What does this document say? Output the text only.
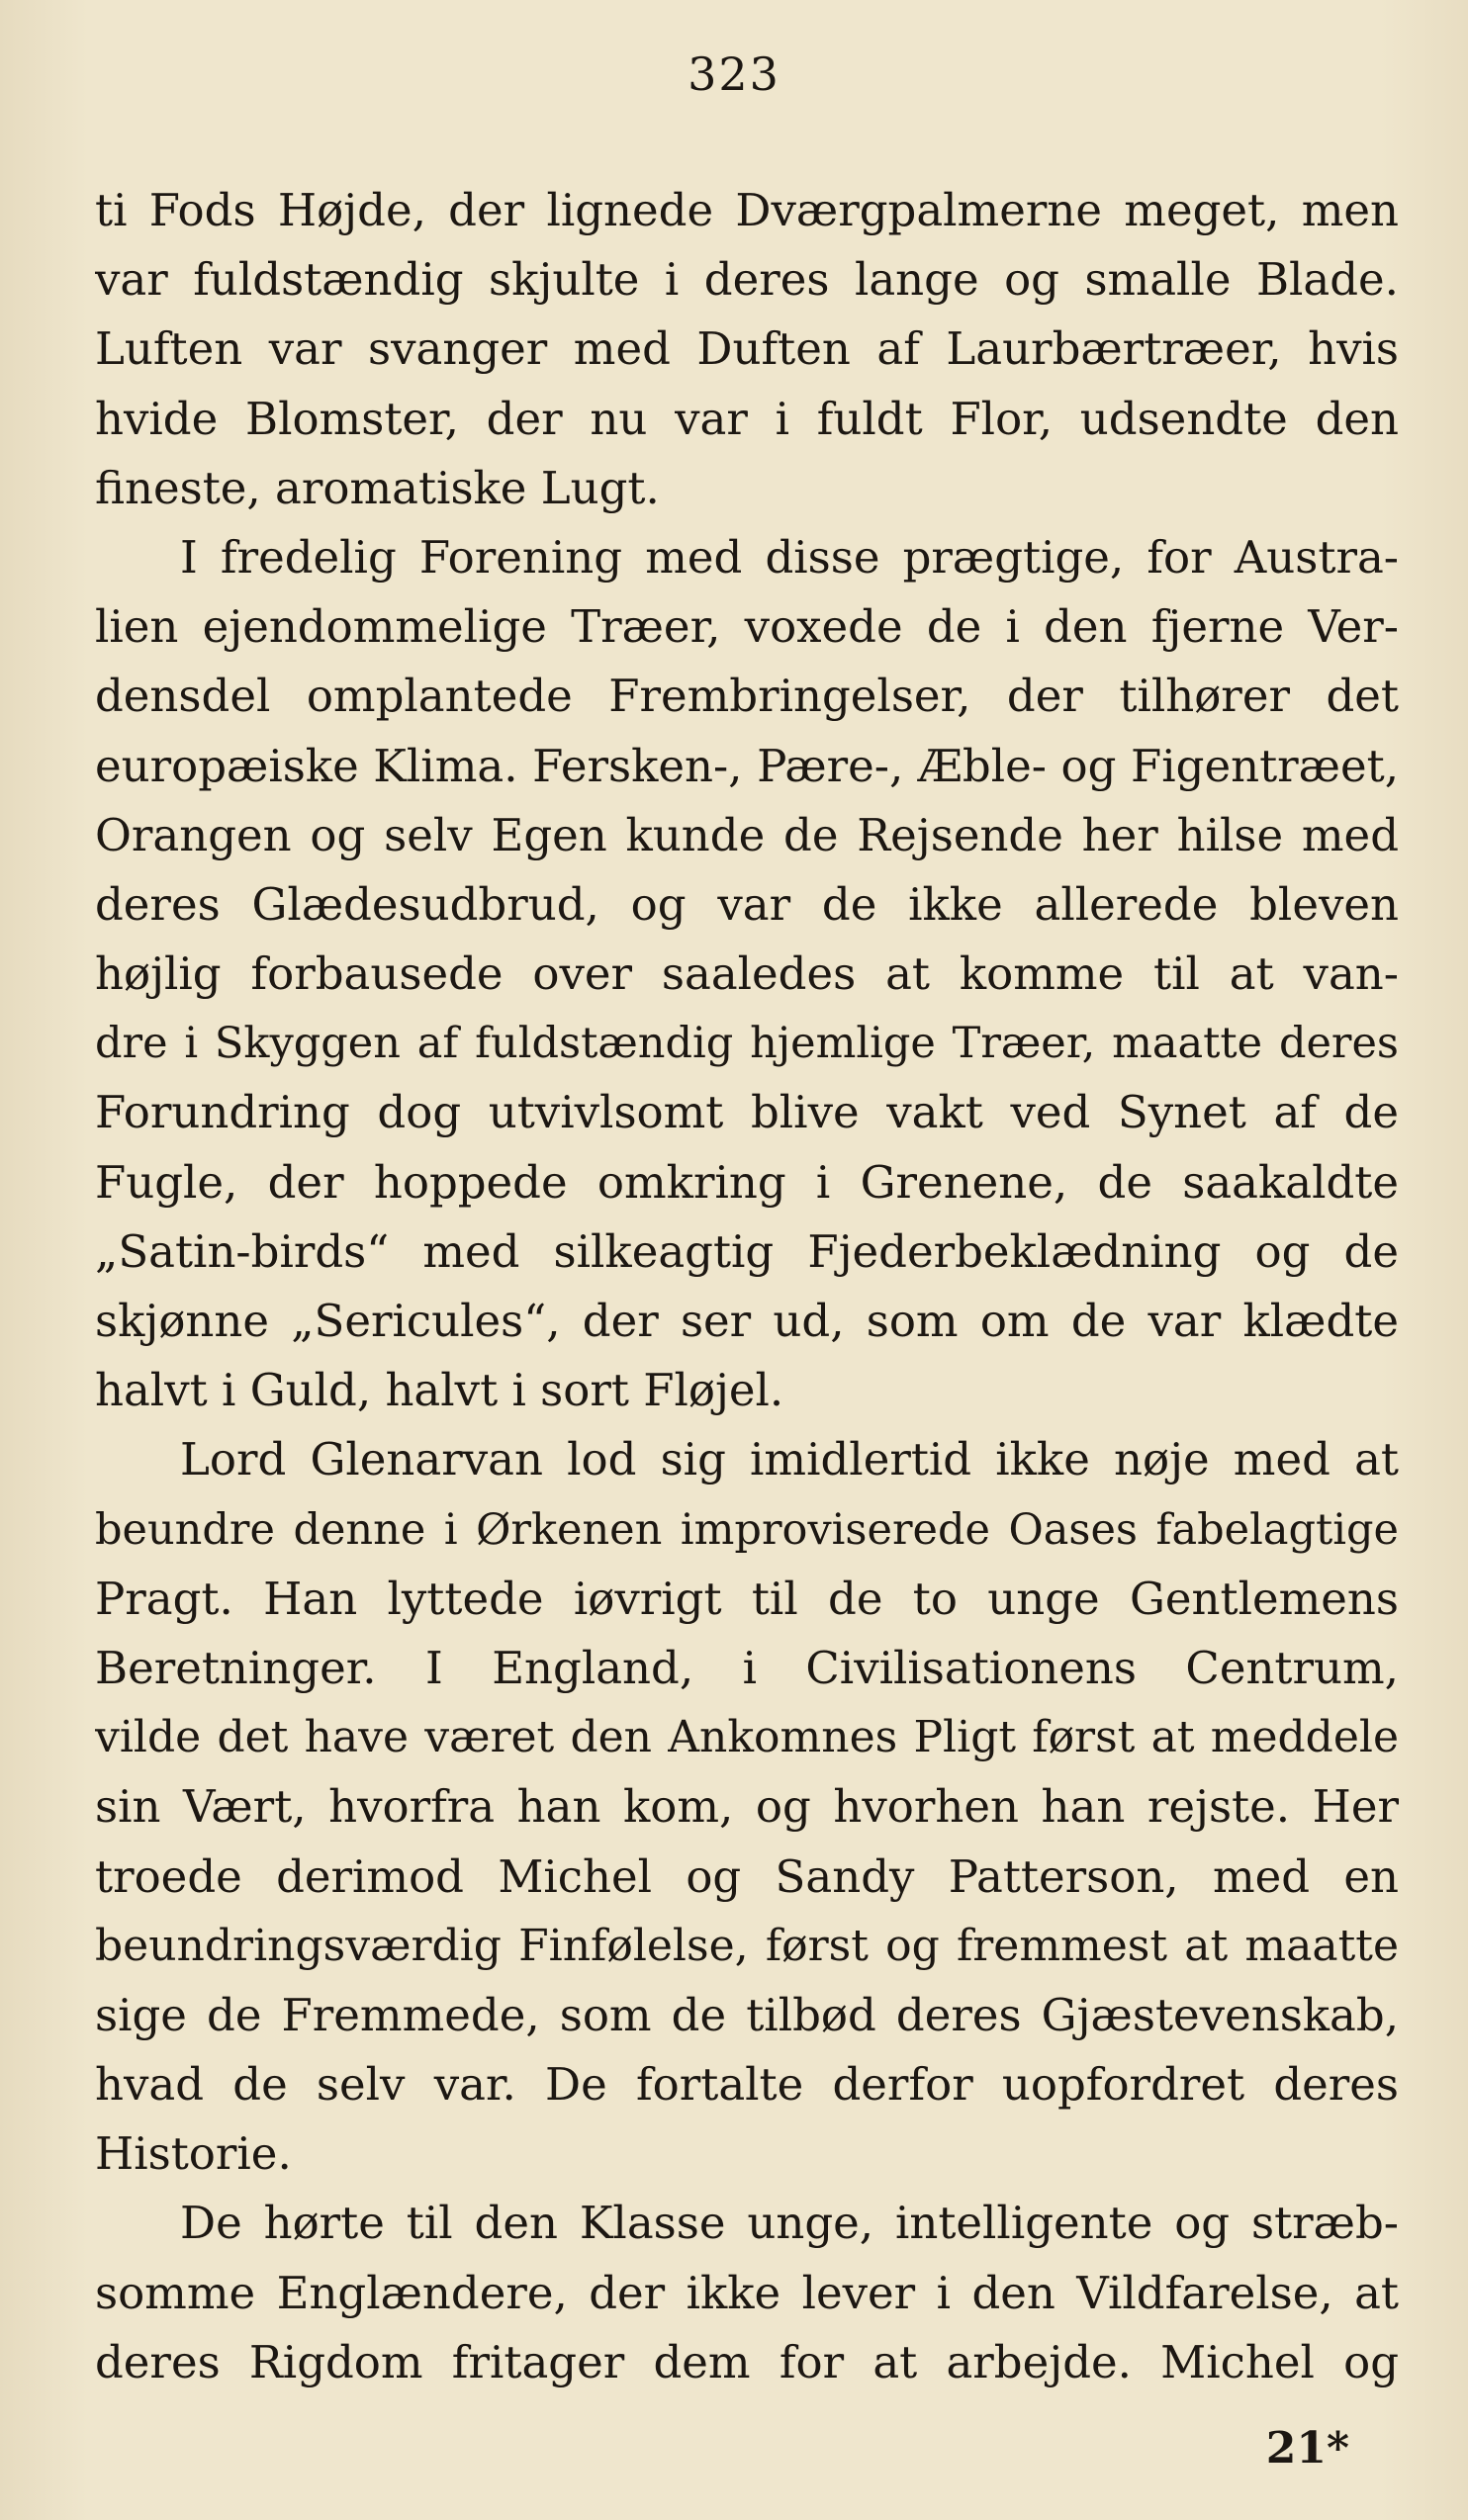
323
ti Fods Højde, der lignede Dværgpalmerne meget, men
var fuldstændig skjulte i deres lange og smalle Blade.
Luften var svanger med Duften af Laurbærtræer, hvis
hvide Blomster, der nu var i fuldt Flor, udsendte den
fineste, aromatiske Lugt.
I fredelig Forening med disse prægtige, for Austra-
lien ejendommelige Træer, voxede de i den fjerne Ver-
densdel omplantede Frembringelser, der tilhører det
europæiske Klima. Fersken-, Pære-, Æble- og Figentræet,
Orangen og selv Egen kunde de Rejsende her hilse med
deres Glædesudbrud, og var de ikke allerede bleven
højlig forbausede over saaledes at komme til at van-
dre i Skyggen af fuldstændig hjemlige Træer, maatte deres
Forundring dog utvivlsomt blive vakt ved Synet af de
Fugle, der hoppede omkring i Grenene, de saakaldte
„Satin-birds“ med silkeagtig Fjederbeklædning og de
skjønne „Sericules“, der ser ud, som om de var klædte
halvt i Guld, halvt i sort Fløjel.
Lord Glenarvan lod sig imidlertid ikke nøje med at
beundre denne i Ørkenen improviserede Oases fabelagtige
Pragt. Han lyttede iøvrigt til de to unge Gentlemens
Beretninger. I England, i Civilisationens Centrum,
vilde det have været den Ankomnes Pligt først at meddele
sin Vært, hvorfra han kom, og hvorhen han rejste. Her
troede derimod Michel og Sandy Patterson, med en
beundringsværdig Finfølelse, først og fremmest at maatte
sige de Fremmede, som de tilbød deres Gjæstevenskab,
hvad de selv var. De fortalte derfor uopfordret deres
Historie.
De hørte til den Klasse unge, intelligente og stræb-
somme Englændere, der ikke lever i den Vildfarelse, at
deres Rigdom fritager dem for at arbejde. Michel og
21*
